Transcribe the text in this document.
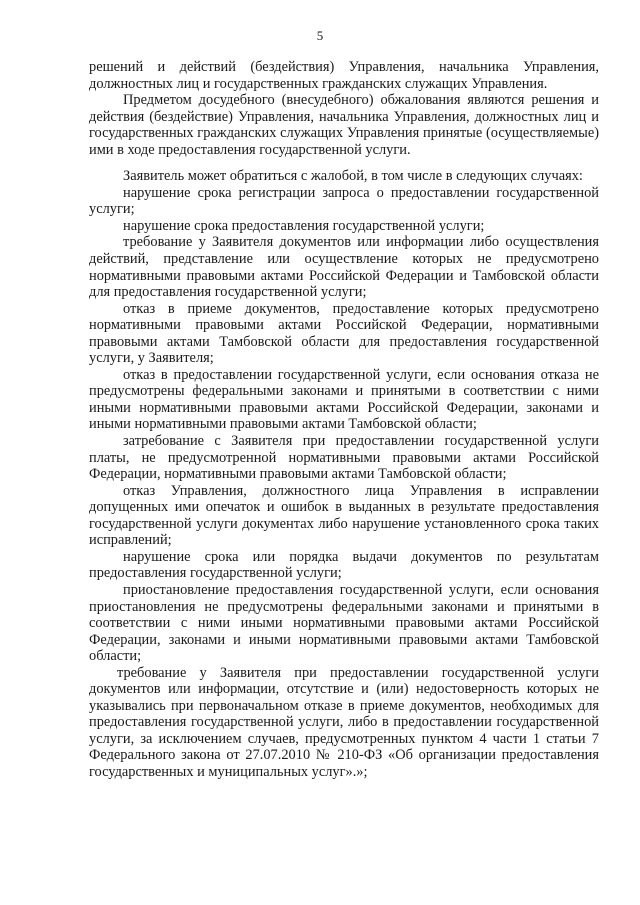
5

решений и действий (бездействия) Управления, начальника Управления, должностных лиц и государственных гражданских служащих Управления.

Предметом досудебного (внесудебного) обжалования являются решения и действия (бездействие) Управления, начальника Управления, должностных лиц и государственных гражданских служащих Управления принятые (осуществляемые) ими в ходе предоставления государственной услуги.

Заявитель может обратиться с жалобой, в том числе в следующих случаях:

нарушение срока регистрации запроса о предоставлении государственной услуги;

нарушение срока предоставления государственной услуги;

требование у Заявителя документов или информации либо осуществления действий, представление или осуществление которых не предусмотрено нормативными правовыми актами Российской Федерации и Тамбовской области для предоставления государственной услуги;

отказ в приеме документов, предоставление которых предусмотрено нормативными правовыми актами Российской Федерации, нормативными правовыми актами Тамбовской области для предоставления государственной услуги, у Заявителя;

отказ в предоставлении государственной услуги, если основания отказа не предусмотрены федеральными законами и принятыми в соответствии с ними иными нормативными правовыми актами Российской Федерации, законами и иными нормативными правовыми актами Тамбовской области;

затребование с Заявителя при предоставлении государственной услуги платы, не предусмотренной нормативными правовыми актами Российской Федерации, нормативными правовыми актами Тамбовской области;

отказ Управления, должностного лица Управления в исправлении допущенных ими опечаток и ошибок в выданных в результате предоставления государственной услуги документах либо нарушение установленного срока таких исправлений;

нарушение срока или порядка выдачи документов по результатам предоставления государственной услуги;

приостановление предоставления государственной услуги, если основания приостановления не предусмотрены федеральными законами и принятыми в соответствии с ними иными нормативными правовыми актами Российской Федерации, законами и иными нормативными правовыми актами Тамбовской области;

требование у Заявителя при предоставлении государственной услуги документов или информации, отсутствие и (или) недостоверность которых не указывались при первоначальном отказе в приеме документов, необходимых для предоставления государственной услуги, либо в предоставлении государственной услуги, за исключением случаев, предусмотренных пунктом 4 части 1 статьи 7 Федерального закона от 27.07.2010 № 210-ФЗ «Об организации предоставления государственных и муниципальных услуг».»;
